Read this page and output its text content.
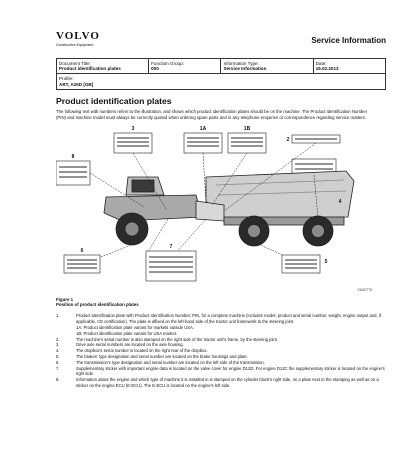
VOLVO
Construction Equipment	Service Information
Document Title:
Product identification plates

Function Group:
000

Information Type:
Service Information

Date:
19.02.2013

Profile:
ART, A25D [GB]
Product identification plates
The following text with numbers refers to the illustration, and shows which product identification plates should be on the machine. The Product Identification Number (PIN) and machine model must always be correctly quoted when ordering spare parts and in any telephone enquiries or correspondence regarding service matters.
3	1A	1B
2
8
4
5
6
7
V1067775
Figure 1
Position of product identification plates
1.	Product identification plate with Product Identification Number, PIN, for a complete machine (includes model, product and serial number, weight, engine output and, if applicable, CE certification). The plate is affixed on the left-hand side of the tractor unit framework to the steering joint.
1A: Product identification plate variant for markets outside USA.
1B: Product identification plate variant for USA market.
2.	The machine's serial number is also stamped on the right side of the tractor unit's frame, by the steering joint.
3.	Drive axle serial numbers are located on the axle housing.
4.	The dropbox's serial number is located on the right rear of the dropbox.
5.	The brakes' type designation and serial number are located on the brake housings and plate.
6.	The transmission's type designation and serial number are located on the left side of the transmission.
7.	Supplementary sticker with important engine data is located on the valve cover for engine D12D. For engine D12C the supplementary sticker is located on the engine's right side.
8.	Information about the engine and which type of machine it is installed in is stamped on the cylinder block's right side, on a plate next to the stamping as well as on a sticker on the engine ECU (E-ECU). The E-ECU is located on the engine's left side.
